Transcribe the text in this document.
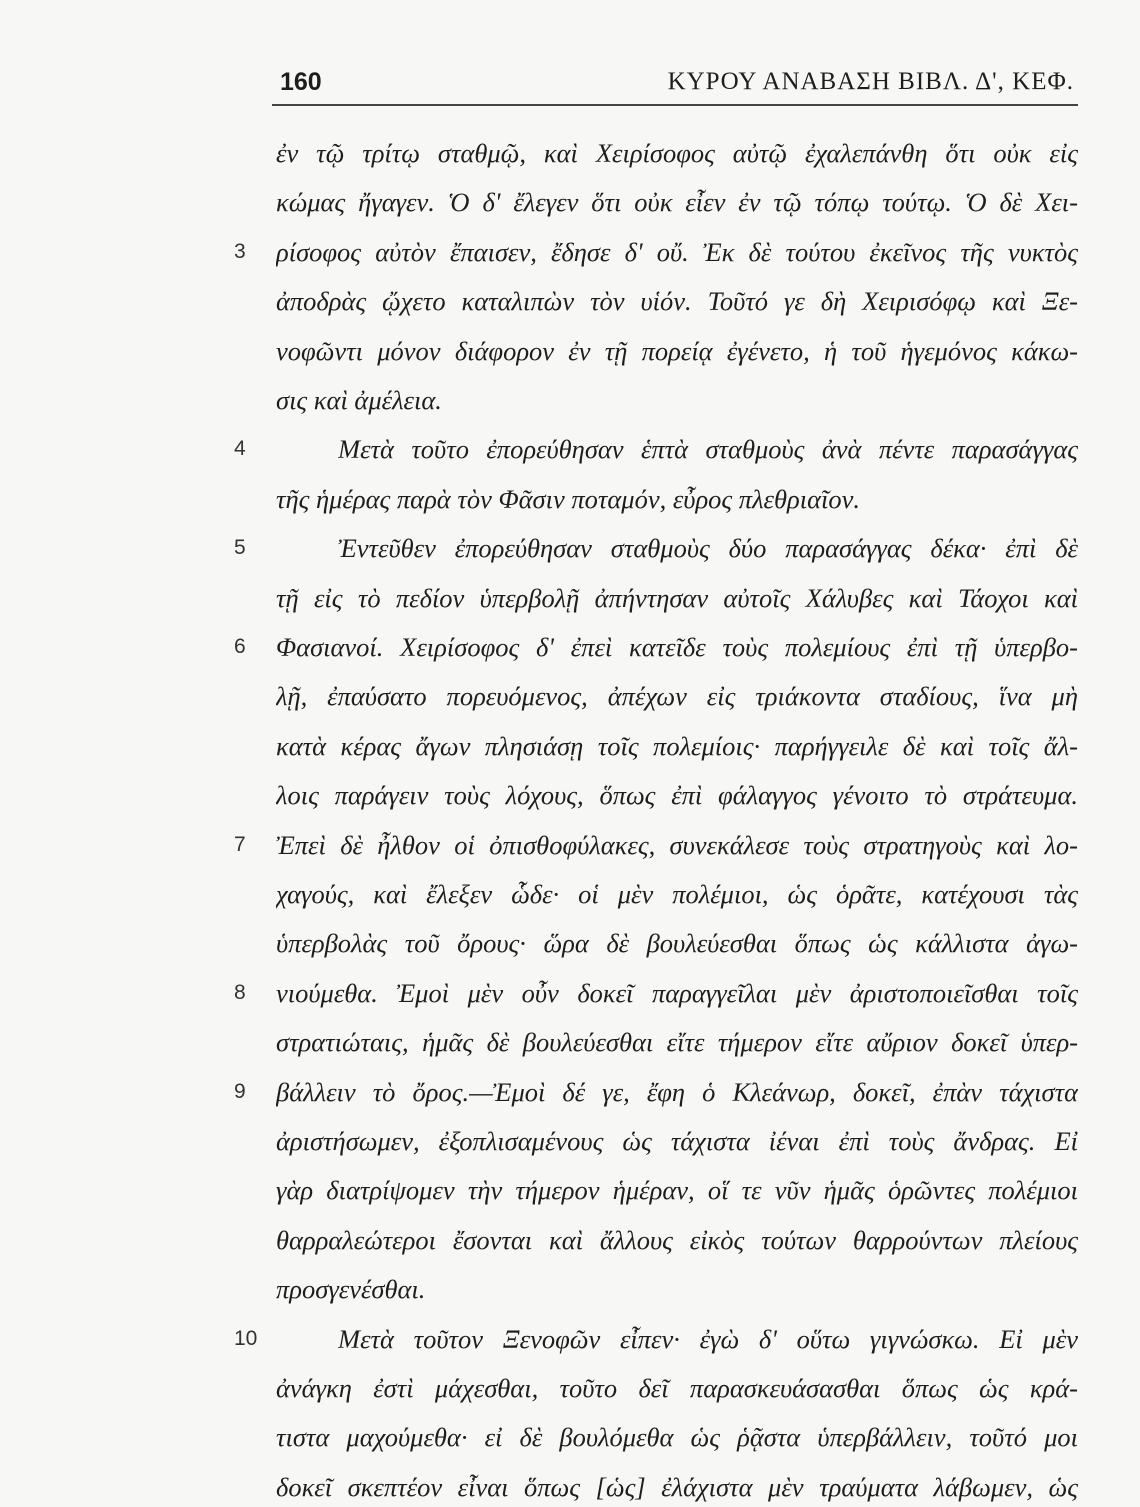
160	ΚΥΡΟΥ ΑΝΑΒΑΣΗ ΒΙΒΛ. Δ', ΚΕΦ.
ἐν τῷ τρίτῳ σταθμῷ, καὶ Χειρίσοφος αὐτῷ ἐχαλεπάνθη ὅτι οὐκ εἰς
κώμας ἤγαγεν. Ὁ δ' ἔλεγεν ὅτι οὐκ εἶεν ἐν τῷ τόπῳ τούτῳ. Ὁ δὲ Χει-
ρίσοφος αὐτὸν ἔπαισεν, ἔδησε δ' οὔ. Ἐκ δὲ τούτου ἐκεῖνος τῆς νυκτὸς
ἀποδρὰς ᾤχετο καταλιπὼν τὸν υἱόν. Τοῦτό γε δὴ Χειρισόφῳ καὶ Ξε-
νοφῶντι μόνον διάφορον ἐν τῇ πορείᾳ ἐγένετο, ἡ τοῦ ἡγεμόνος κάκω-
σις καὶ ἀμέλεια.
Μετὰ τοῦτο ἐπορεύθησαν ἑπτὰ σταθμοὺς ἀνὰ πέντε παρασάγγας
τῆς ἡμέρας παρὰ τὸν Φᾶσιν ποταμόν, εὖρος πλεθριαῖον.
Ἐντεῦθεν ἐπορεύθησαν σταθμοὺς δύο παρασάγγας δέκα· ἐπὶ δὲ
τῇ εἰς τὸ πεδίον ὑπερβολῇ ἀπήντησαν αὐτοῖς Χάλυβες καὶ Τάοχοι καὶ
Φασιανοί. Χειρίσοφος δ' ἐπεὶ κατεῖδε τοὺς πολεμίους ἐπὶ τῇ ὑπερβο-
λῇ, ἐπαύσατο πορευόμενος, ἀπέχων εἰς τριάκοντα σταδίους, ἵνα μὴ
κατὰ κέρας ἄγων πλησιάσῃ τοῖς πολεμίοις· παρήγγειλε δὲ καὶ τοῖς ἄλ-
λοις παράγειν τοὺς λόχους, ὅπως ἐπὶ φάλαγγος γένοιτο τὸ στράτευμα.
Ἐπεὶ δὲ ἦλθον οἱ ὀπισθοφύλακες, συνεκάλεσε τοὺς στρατηγοὺς καὶ λο-
χαγούς, καὶ ἔλεξεν ὧδε· οἱ μὲν πολέμιοι, ὡς ὁρᾶτε, κατέχουσι τὰς
ὑπερβολὰς τοῦ ὄρους· ὥρα δὲ βουλεύεσθαι ὅπως ὡς κάλλιστα ἀγω-
νιούμεθα. Ἐμοὶ μὲν οὖν δοκεῖ παραγγεῖλαι μὲν ἀριστοποιεῖσθαι τοῖς
στρατιώταις, ἡμᾶς δὲ βουλεύεσθαι εἴτε τήμερον εἴτε αὔριον δοκεῖ ὑπερ-
βάλλειν τὸ ὄρος.—Ἐμοὶ δέ γε, ἔφη ὁ Κλεάνωρ, δοκεῖ, ἐπὰν τάχιστα
ἀριστήσωμεν, ἐξοπλισαμένους ὡς τάχιστα ἰέναι ἐπὶ τοὺς ἄνδρας. Εἰ
γὰρ διατρίψομεν τὴν τήμερον ἡμέραν, οἵ τε νῦν ἡμᾶς ὁρῶντες πολέμιοι
θαρραλεώτεροι ἔσονται καὶ ἄλλους εἰκὸς τούτων θαρρούντων πλείους
προσγενέσθαι.
Μετὰ τοῦτον Ξενοφῶν εἶπεν· ἐγὼ δ' οὕτω γιγνώσκω. Εἰ μὲν
ἀνάγκη ἐστὶ μάχεσθαι, τοῦτο δεῖ παρασκευάσασθαι ὅπως ὡς κρά-
τιστα μαχούμεθα· εἰ δὲ βουλόμεθα ὡς ῥᾷστα ὑπερβάλλειν, τοῦτό μοι
δοκεῖ σκεπτέον εἶναι ὅπως [ὡς] ἐλάχιστα μὲν τραύματα λάβωμεν, ὡς
3
4
5
6
7
8
9
10
